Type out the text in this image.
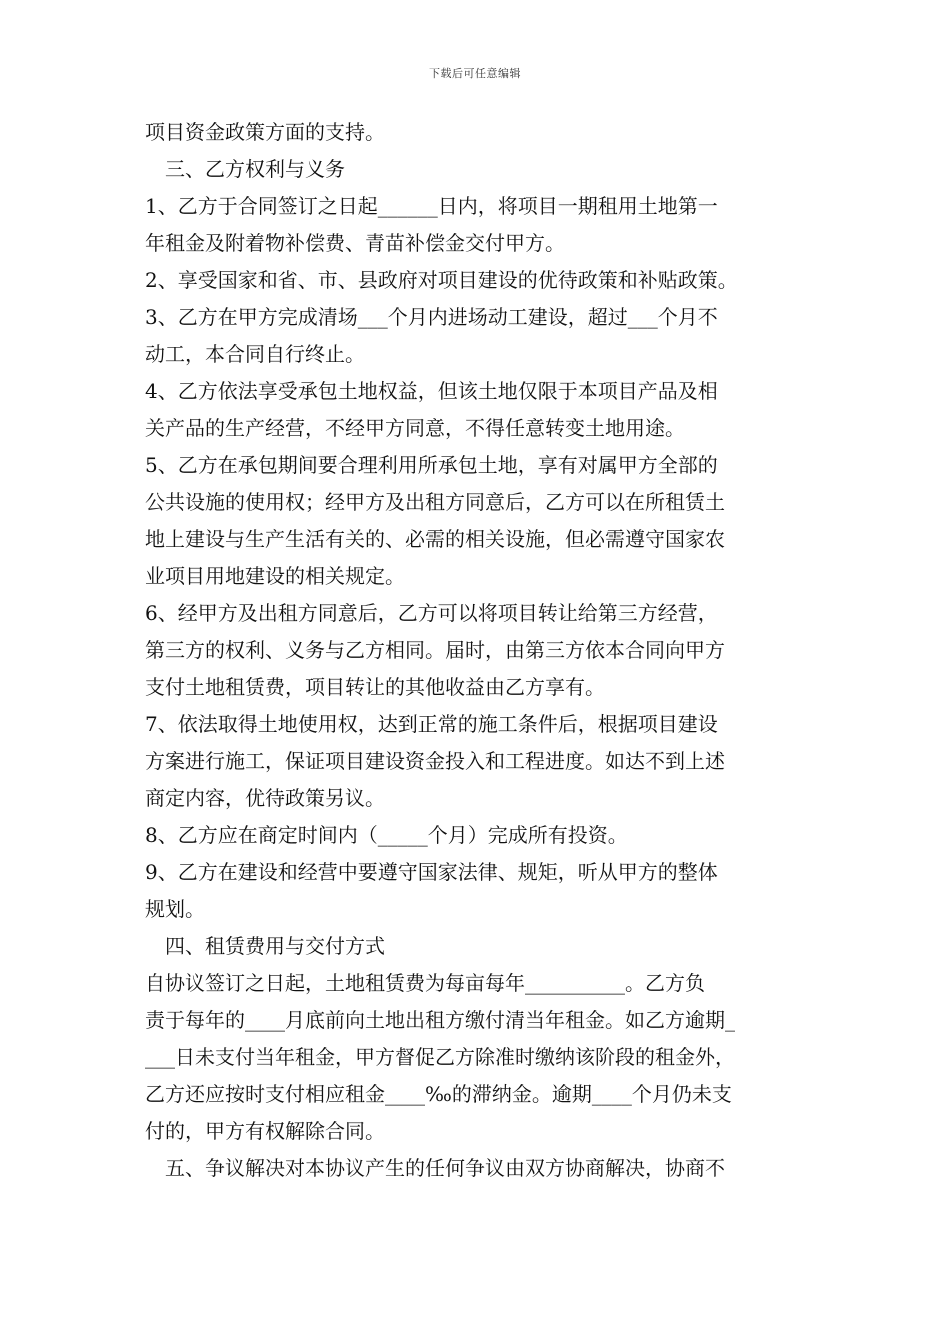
下载后可任意编辑
项目资金政策方面的支持。
　三、乙方权利与义务
1、乙方于合同签订之日起______日内，将项目一期租用土地第一
年租金及附着物补偿费、青苗补偿金交付甲方。
2、享受国家和省、市、县政府对项目建设的优待政策和补贴政策。
3、乙方在甲方完成清场___个月内进场动工建设，超过___个月不
动工，本合同自行终止。
4、乙方依法享受承包土地权益，但该土地仅限于本项目产品及相
关产品的生产经营，不经甲方同意，不得任意转变土地用途。
5、乙方在承包期间要合理利用所承包土地，享有对属甲方全部的
公共设施的使用权；经甲方及出租方同意后，乙方可以在所租赁土
地上建设与生产生活有关的、必需的相关设施，但必需遵守国家农
业项目用地建设的相关规定。
6、经甲方及出租方同意后，乙方可以将项目转让给第三方经营，
第三方的权利、义务与乙方相同。届时，由第三方依本合同向甲方
支付土地租赁费，项目转让的其他收益由乙方享有。
7、依法取得土地使用权，达到正常的施工条件后，根据项目建设
方案进行施工，保证项目建设资金投入和工程进度。如达不到上述
商定内容，优待政策另议。
8、乙方应在商定时间内（_____个月）完成所有投资。
9、乙方在建设和经营中要遵守国家法律、规矩，听从甲方的整体
规划。
　四、租赁费用与交付方式
自协议签订之日起，土地租赁费为每亩每年__________。乙方负
责于每年的____月底前向土地出租方缴付清当年租金。如乙方逾期_
___日未支付当年租金，甲方督促乙方除准时缴纳该阶段的租金外，
乙方还应按时支付相应租金____‰的滞纳金。逾期____个月仍未支
付的，甲方有权解除合同。
　五、争议解决对本协议产生的任何争议由双方协商解决，协商不
